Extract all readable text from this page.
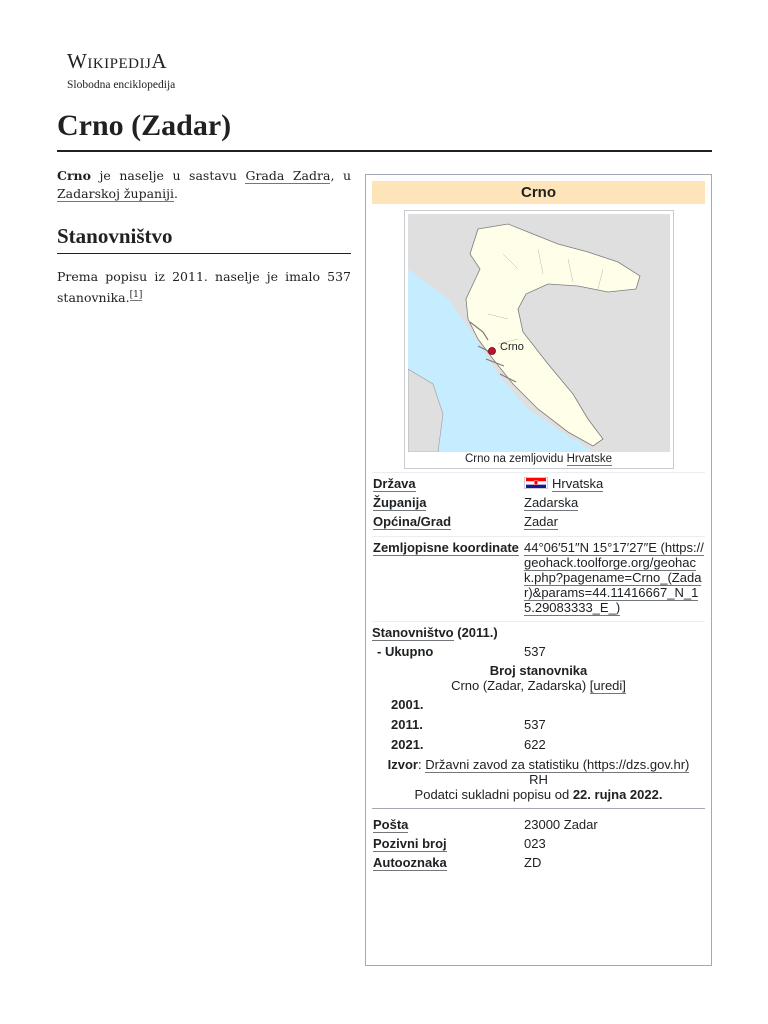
WIKIPEDIJA
Slobodna enciklopedija
Crno (Zadar)

Crno je naselje u sastavu Grada Zadra, u Zadarskoj županiji.

Stanovništvo

Prema popisu iz 2011. naselje je imalo 537 stanovnika.[1]

Crno
Crno
Crno na zemljovidu Hrvatske
Država	Hrvatska
Županija	Zadarska
Općina/Grad	Zadar
Zemljopisne koordinate 44°06′51″N 15°17′27″E (https://geohack.toolforge.org/geohack.php?pagename=Crno_(Zadar)&params=44.11416667_N_15.29083333_E_)
Stanovništvo (2011.)
- Ukupno	537
Broj stanovnika
Crno (Zadar, Zadarska) [uredi]
2001.
2011.	537
2021.	622
Izvor: Državni zavod za statistiku (https://dzs.gov.hr)
RH
Podatci sukladni popisu od 22. rujna 2022.
Pošta	23000 Zadar
Pozivni broj	023
Autooznaka	ZD
